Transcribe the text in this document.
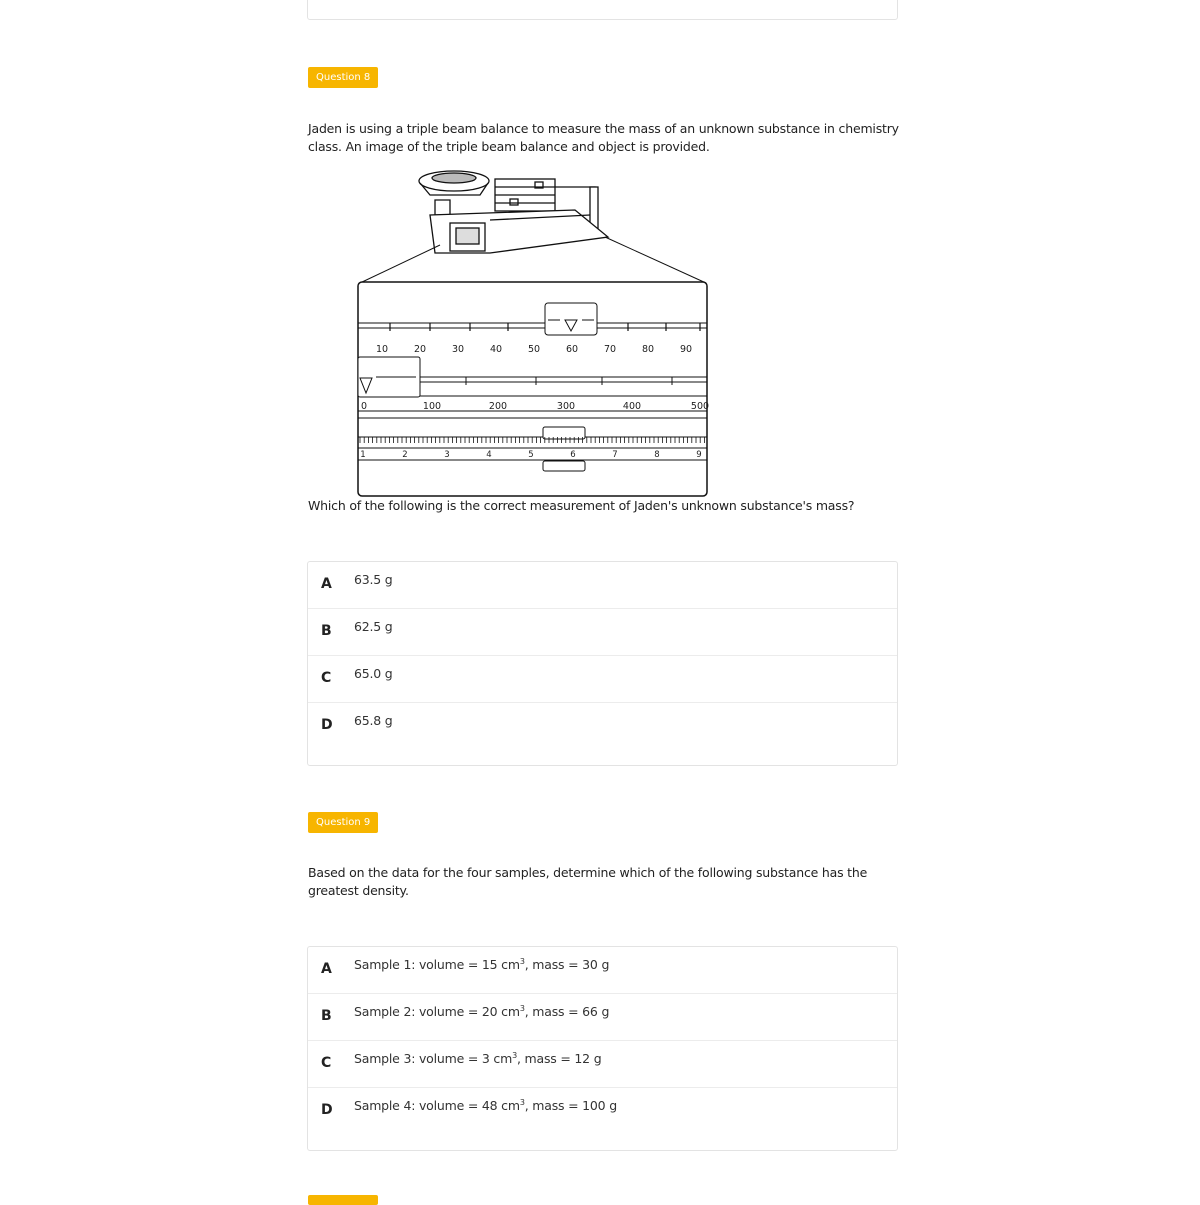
Question 8
Jaden is using a triple beam balance to measure the mass of an unknown substance in chemistry class. An image of the triple beam balance and object is provided.
10	20	30	40	50	60	70	80	90
0	100	200	300	400	500
1	2	3	4	5	6	7	8	9
Which of the following is the correct measurement of Jaden's unknown substance's mass?
A 63.5 g
B 62.5 g
C 65.0 g
D 65.8 g
Question 9
Based on the data for the four samples, determine which of the following substance has the greatest density.
A Sample 1: volume = 15 $cm^3$, mass = 30 g
B Sample 2: volume = 20 $cm^3$, mass = 66 g
C Sample 3: volume = 3 $cm^3$, mass = 12 g
D Sample 4: volume = 48 $cm^3$, mass = 100 g
